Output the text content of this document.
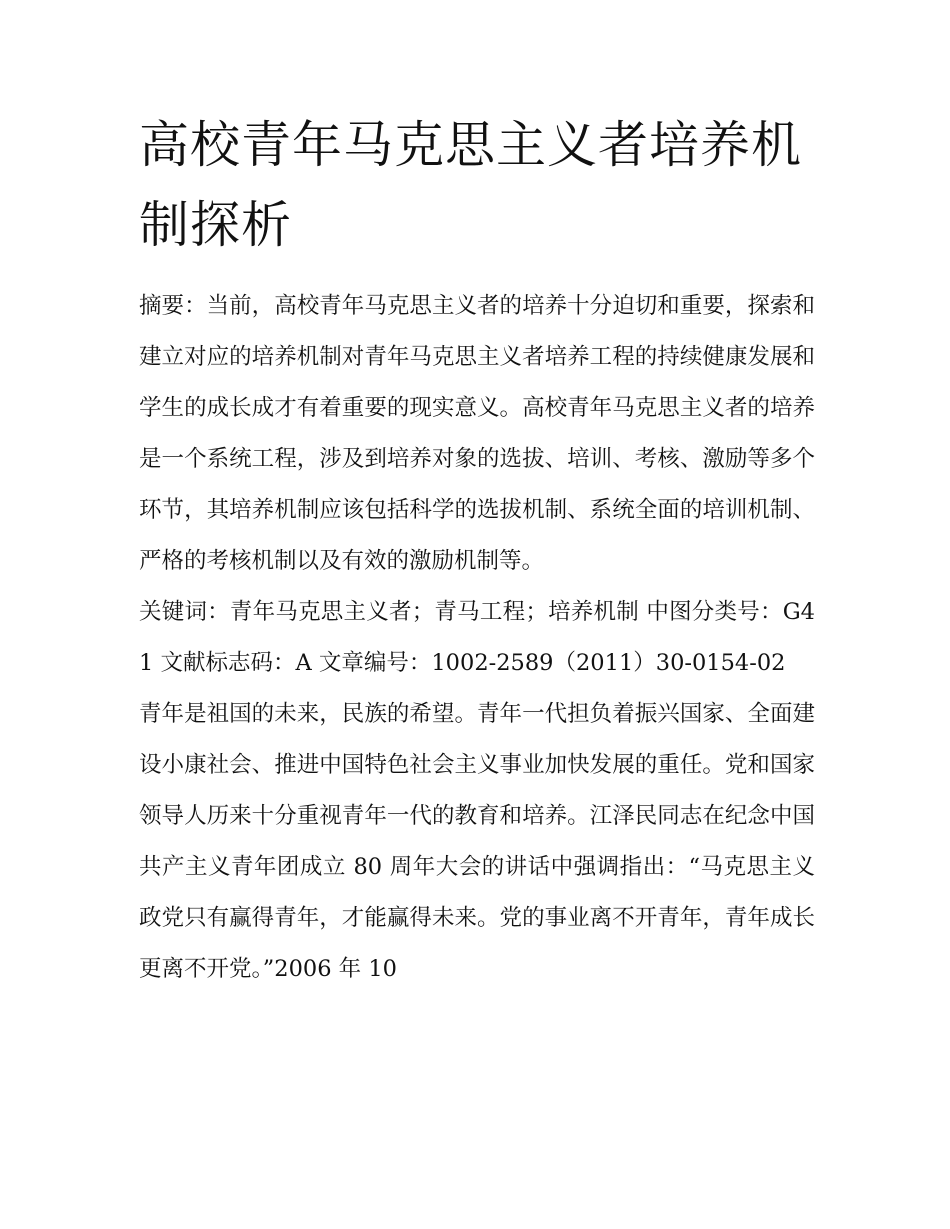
高校青年马克思主义者培养机制探析

摘要：当前，高校青年马克思主义者的培养十分迫切和重要，探索和建立对应的培养机制对青年马克思主义者培养工程的持续健康发展和学生的成长成才有着重要的现实意义。高校青年马克思主义者的培养是一个系统工程，涉及到培养对象的选拔、培训、考核、激励等多个环节，其培养机制应该包括科学的选拔机制、系统全面的培训机制、严格的考核机制以及有效的激励机制等。

关键词：青年马克思主义者；青马工程；培养机制 中图分类号：G41 文献标志码：A 文章编号：1002-2589（2011）30-0154-02

青年是祖国的未来，民族的希望。青年一代担负着振兴国家、全面建设小康社会、推进中国特色社会主义事业加快发展的重任。党和国家领导人历来十分重视青年一代的教育和培养。江泽民同志在纪念中国共产主义青年团成立 80 周年大会的讲话中强调指出：“马克思主义政党只有赢得青年，才能赢得未来。党的事业离不开青年，青年成长更离不开党。”2006 年 10
